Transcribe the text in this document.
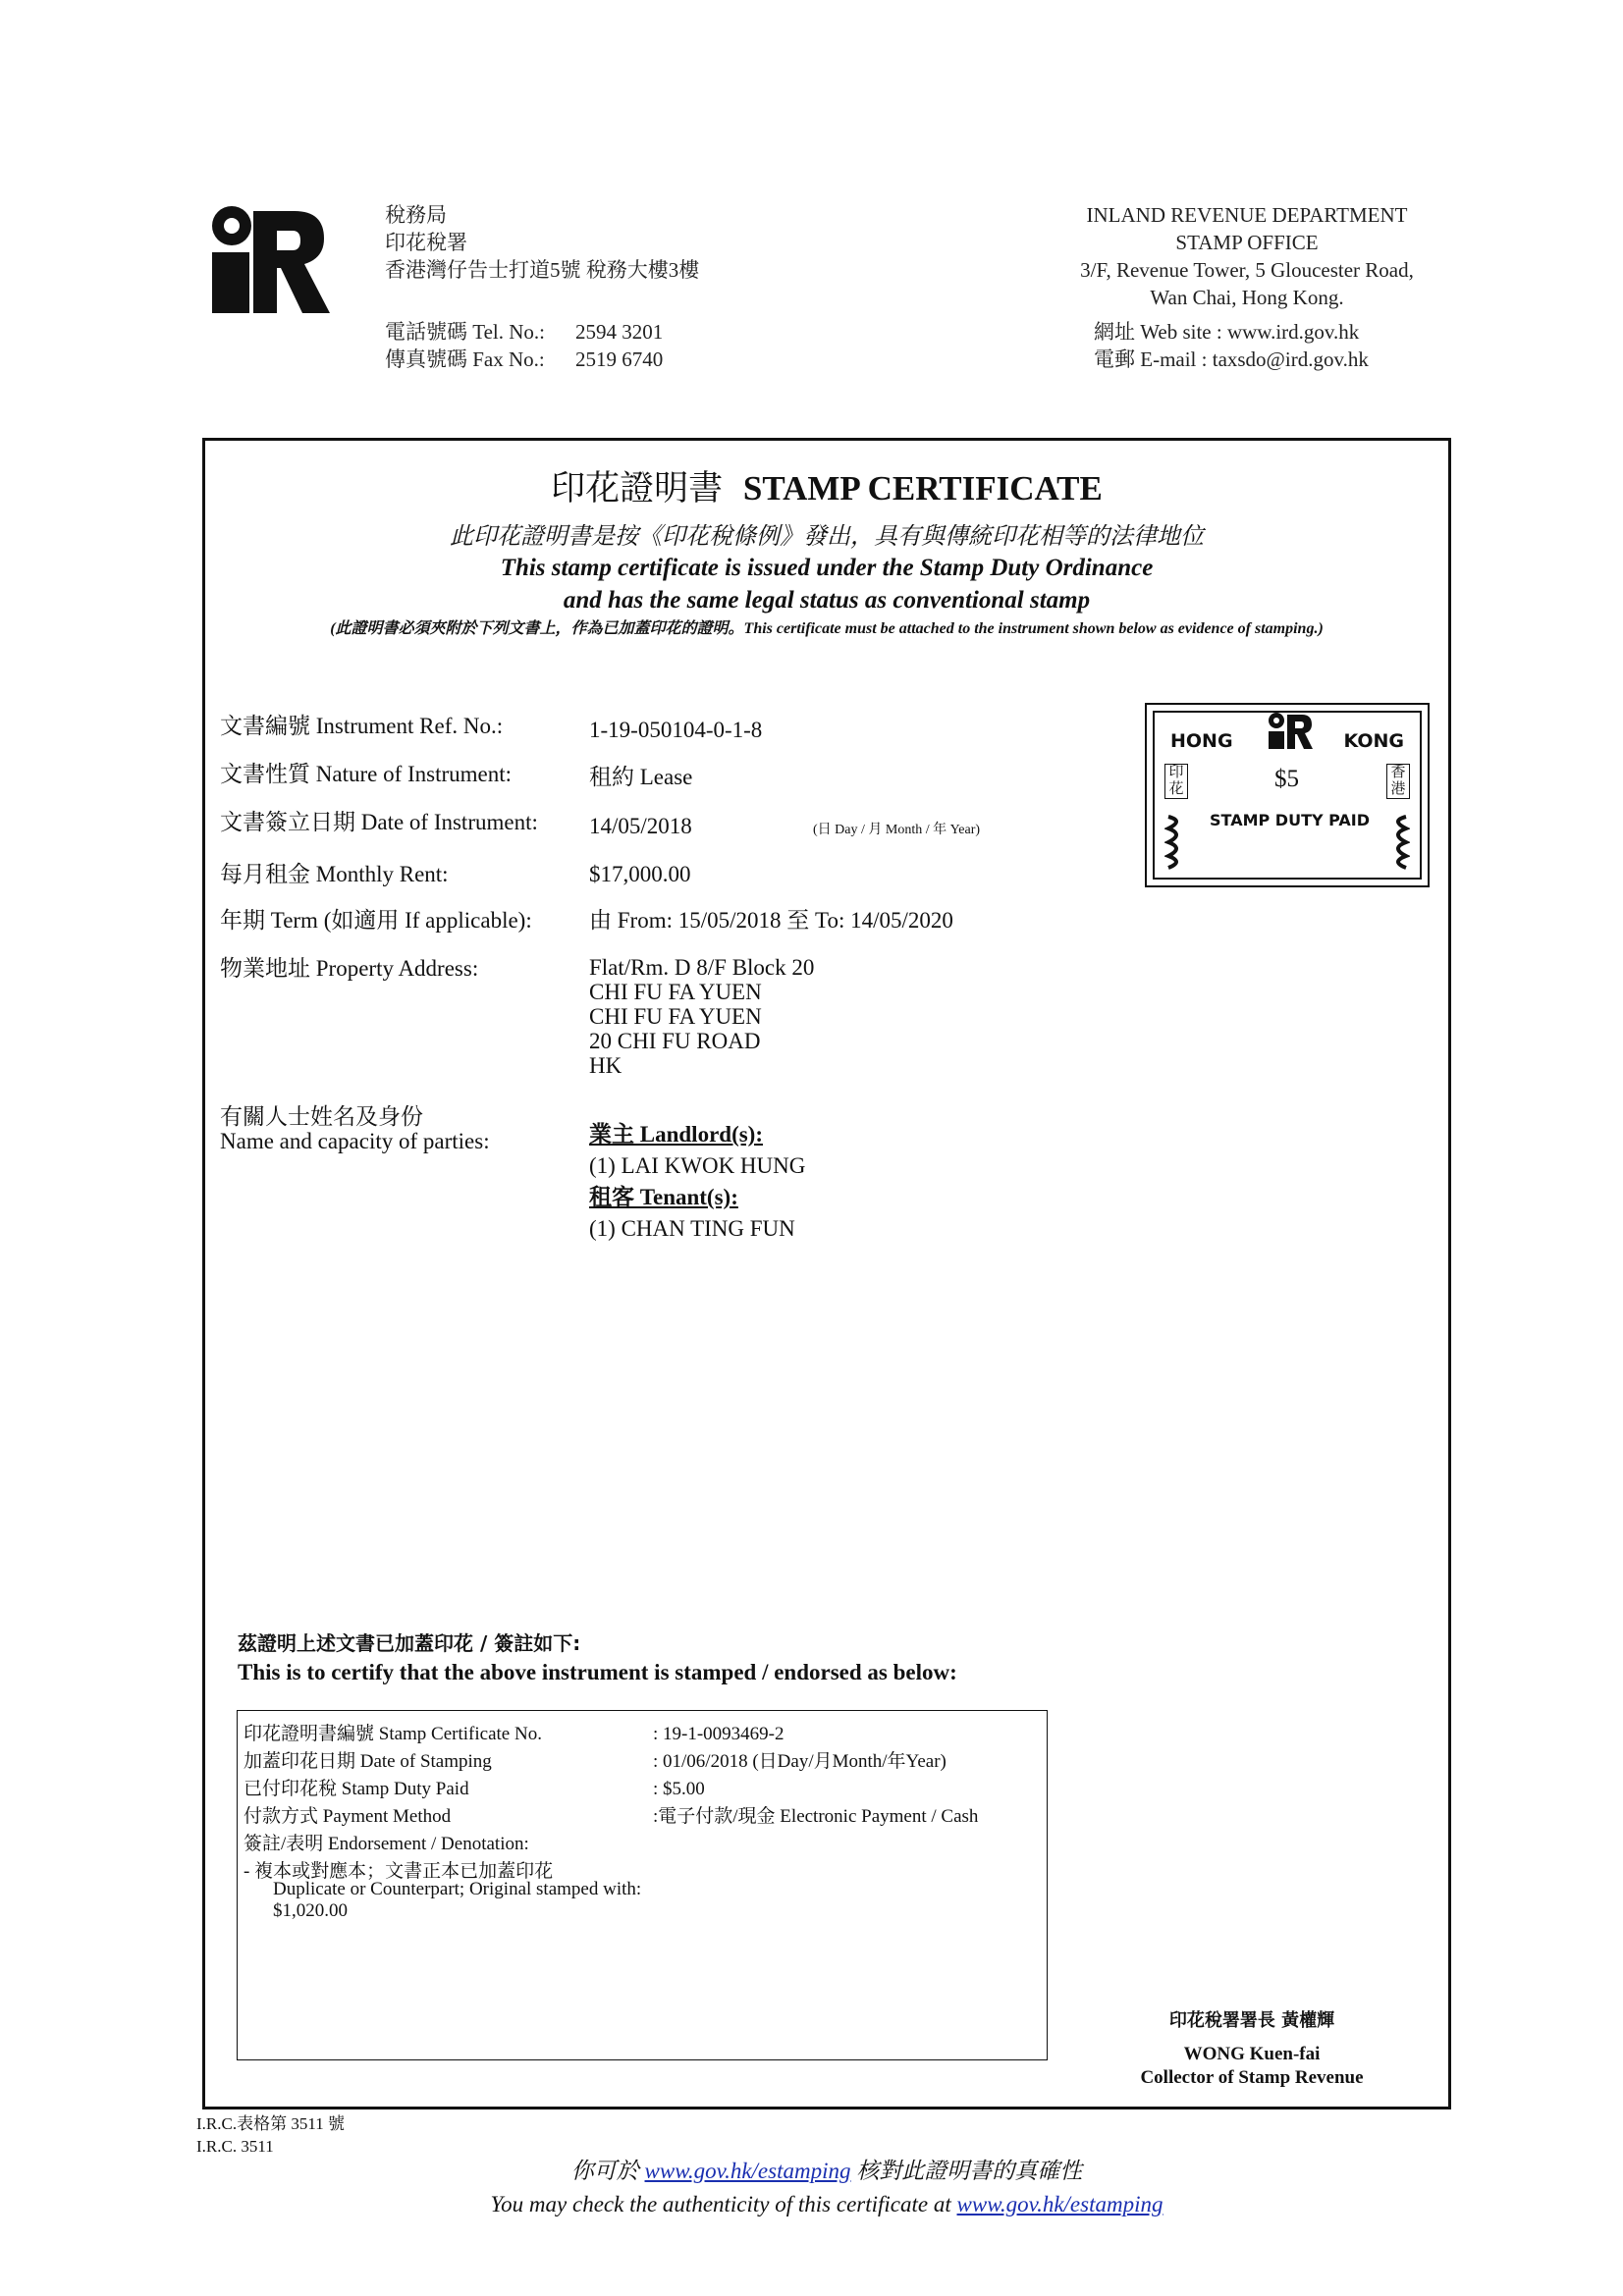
稅務局
印花稅署
香港灣仔告士打道5號 稅務大樓3樓
電話號碼 Tel. No.: 2594 3201
傳真號碼 Fax No.: 2519 6740
INLAND REVENUE DEPARTMENT
STAMP OFFICE
3/F, Revenue Tower, 5 Gloucester Road,
Wan Chai, Hong Kong.
網址 Web site : www.ird.gov.hk
電郵 E-mail : taxsdo@ird.gov.hk
印花證明書 STAMP CERTIFICATE
此印花證明書是按《印花稅條例》發出，具有與傳統印花相等的法律地位
This stamp certificate is issued under the Stamp Duty Ordinance
and has the same legal status as conventional stamp
(此證明書必須夾附於下列文書上，作為已加蓋印花的證明。This certificate must be attached to the instrument shown below as evidence of stamping.)
文書編號 Instrument Ref. No.:	1-19-050104-0-1-8
文書性質 Nature of Instrument:	租約 Lease
文書簽立日期 Date of Instrument: 14/05/2018	(日 Day / 月 Month / 年 Year)
每月租金 Monthly Rent:	$17,000.00
年期 Term (如適用 If applicable):	由 From: 15/05/2018 至 To: 14/05/2020
物業地址 Property Address:	Flat/Rm. D 8/F Block 20
CHI FU FA YUEN
CHI FU FA YUEN
20 CHI FU ROAD
HK
有關人士姓名及身份
Name and capacity of parties:	業主 Landlord(s):
(1) LAI KWOK HUNG
租客 Tenant(s):
(1) CHAN TING FUN
HONG	KONG
$5
STAMP DUTY PAID
印花
香港
茲證明上述文書已加蓋印花 / 簽註如下:
This is to certify that the above instrument is stamped / endorsed as below:
印花證明書編號 Stamp Certificate No.	: 19-1-0093469-2
加蓋印花日期 Date of Stamping	: 01/06/2018 (日Day/月Month/年Year)
已付印花稅 Stamp Duty Paid	: $5.00
付款方式 Payment Method	:電子付款/現金 Electronic Payment / Cash
簽註/表明 Endorsement / Denotation:
- 複本或對應本；文書正本已加蓋印花
Duplicate or Counterpart; Original stamped with:
$1,020.00
印花稅署署長 黃權輝
WONG Kuen-fai
Collector of Stamp Revenue
I.R.C.表格第 3511 號
I.R.C. 3511
你可於 www.gov.hk/estamping 核對此證明書的真確性
You may check the authenticity of this certificate at www.gov.hk/estamping
